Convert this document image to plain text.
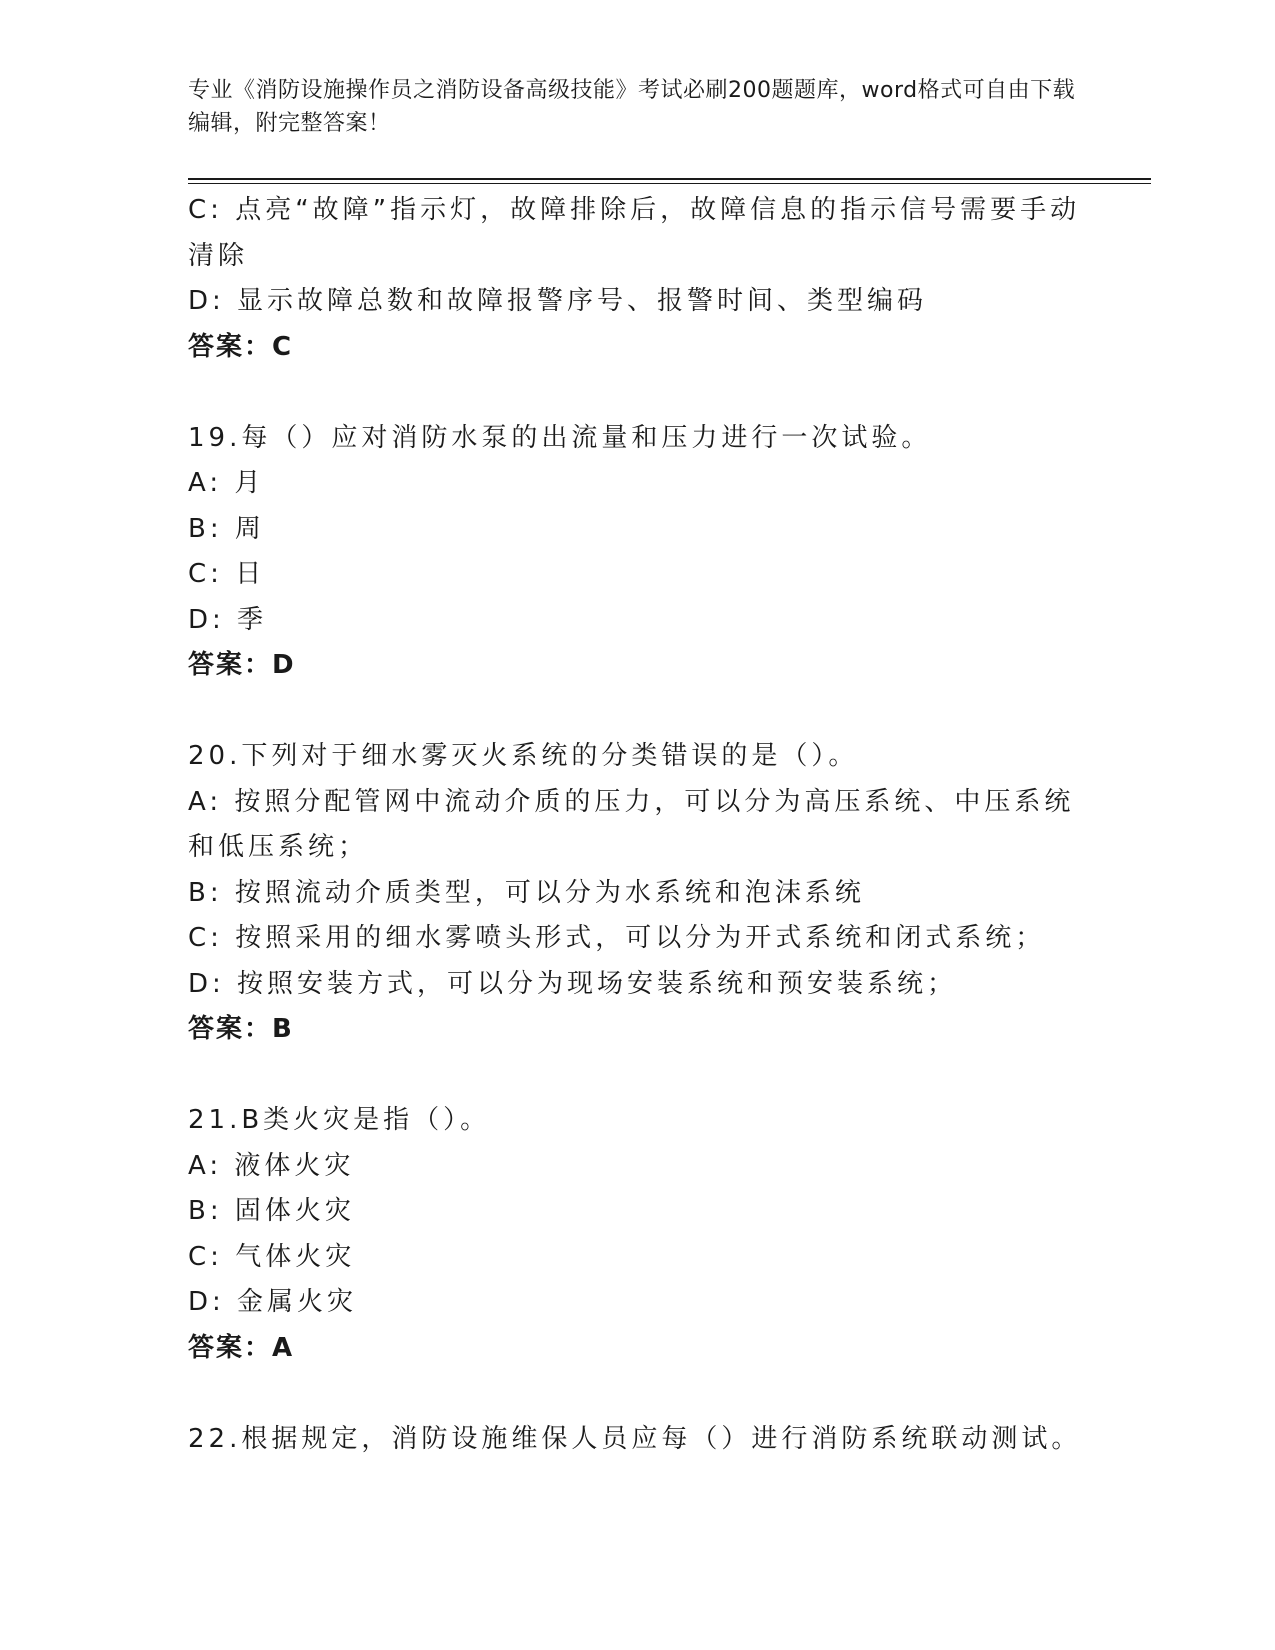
专业《消防设施操作员之消防设备高级技能》考试必刷200题题库，word格式可自由下载编辑，附完整答案！
C: 点亮“故障”指示灯，故障排除后，故障信息的指示信号需要手动清除
D: 显示故障总数和故障报警序号、报警时间、类型编码
答案：C
19.每（）应对消防水泵的出流量和压力进行一次试验。
A: 月
B: 周
C: 日
D: 季
答案：D
20.下列对于细水雾灭火系统的分类错误的是（）。
A: 按照分配管网中流动介质的压力，可以分为高压系统、中压系统和低压系统；
B: 按照流动介质类型，可以分为水系统和泡沫系统
C: 按照采用的细水雾喷头形式，可以分为开式系统和闭式系统；
D: 按照安装方式，可以分为现场安装系统和预安装系统；
答案：B
21.B类火灾是指（）。
A: 液体火灾
B: 固体火灾
C: 气体火灾
D: 金属火灾
答案：A
22.根据规定，消防设施维保人员应每（）进行消防系统联动测试。
